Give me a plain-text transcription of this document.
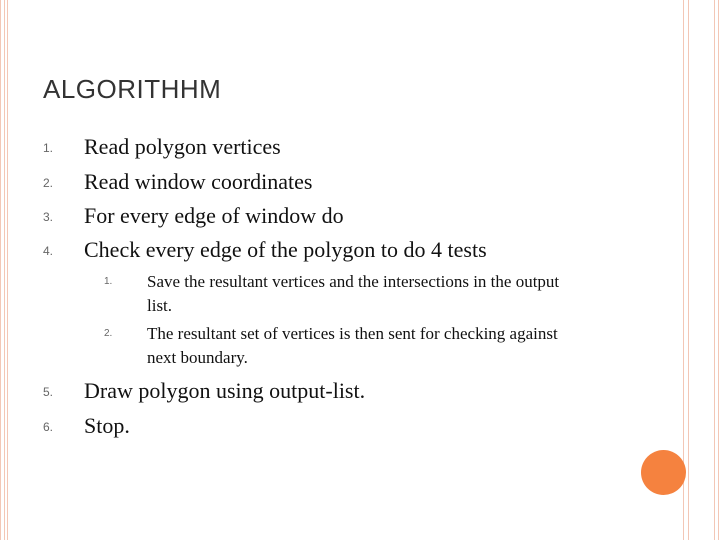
ALGORITHHM
1. Read polygon vertices
2. Read window coordinates
3. For every edge of window do
4. Check every edge of the polygon to do 4 tests
1. Save the resultant vertices and the intersections in the output list.
2. The resultant set of vertices is then sent for checking against next boundary.
5. Draw polygon using output-list.
6. Stop.
